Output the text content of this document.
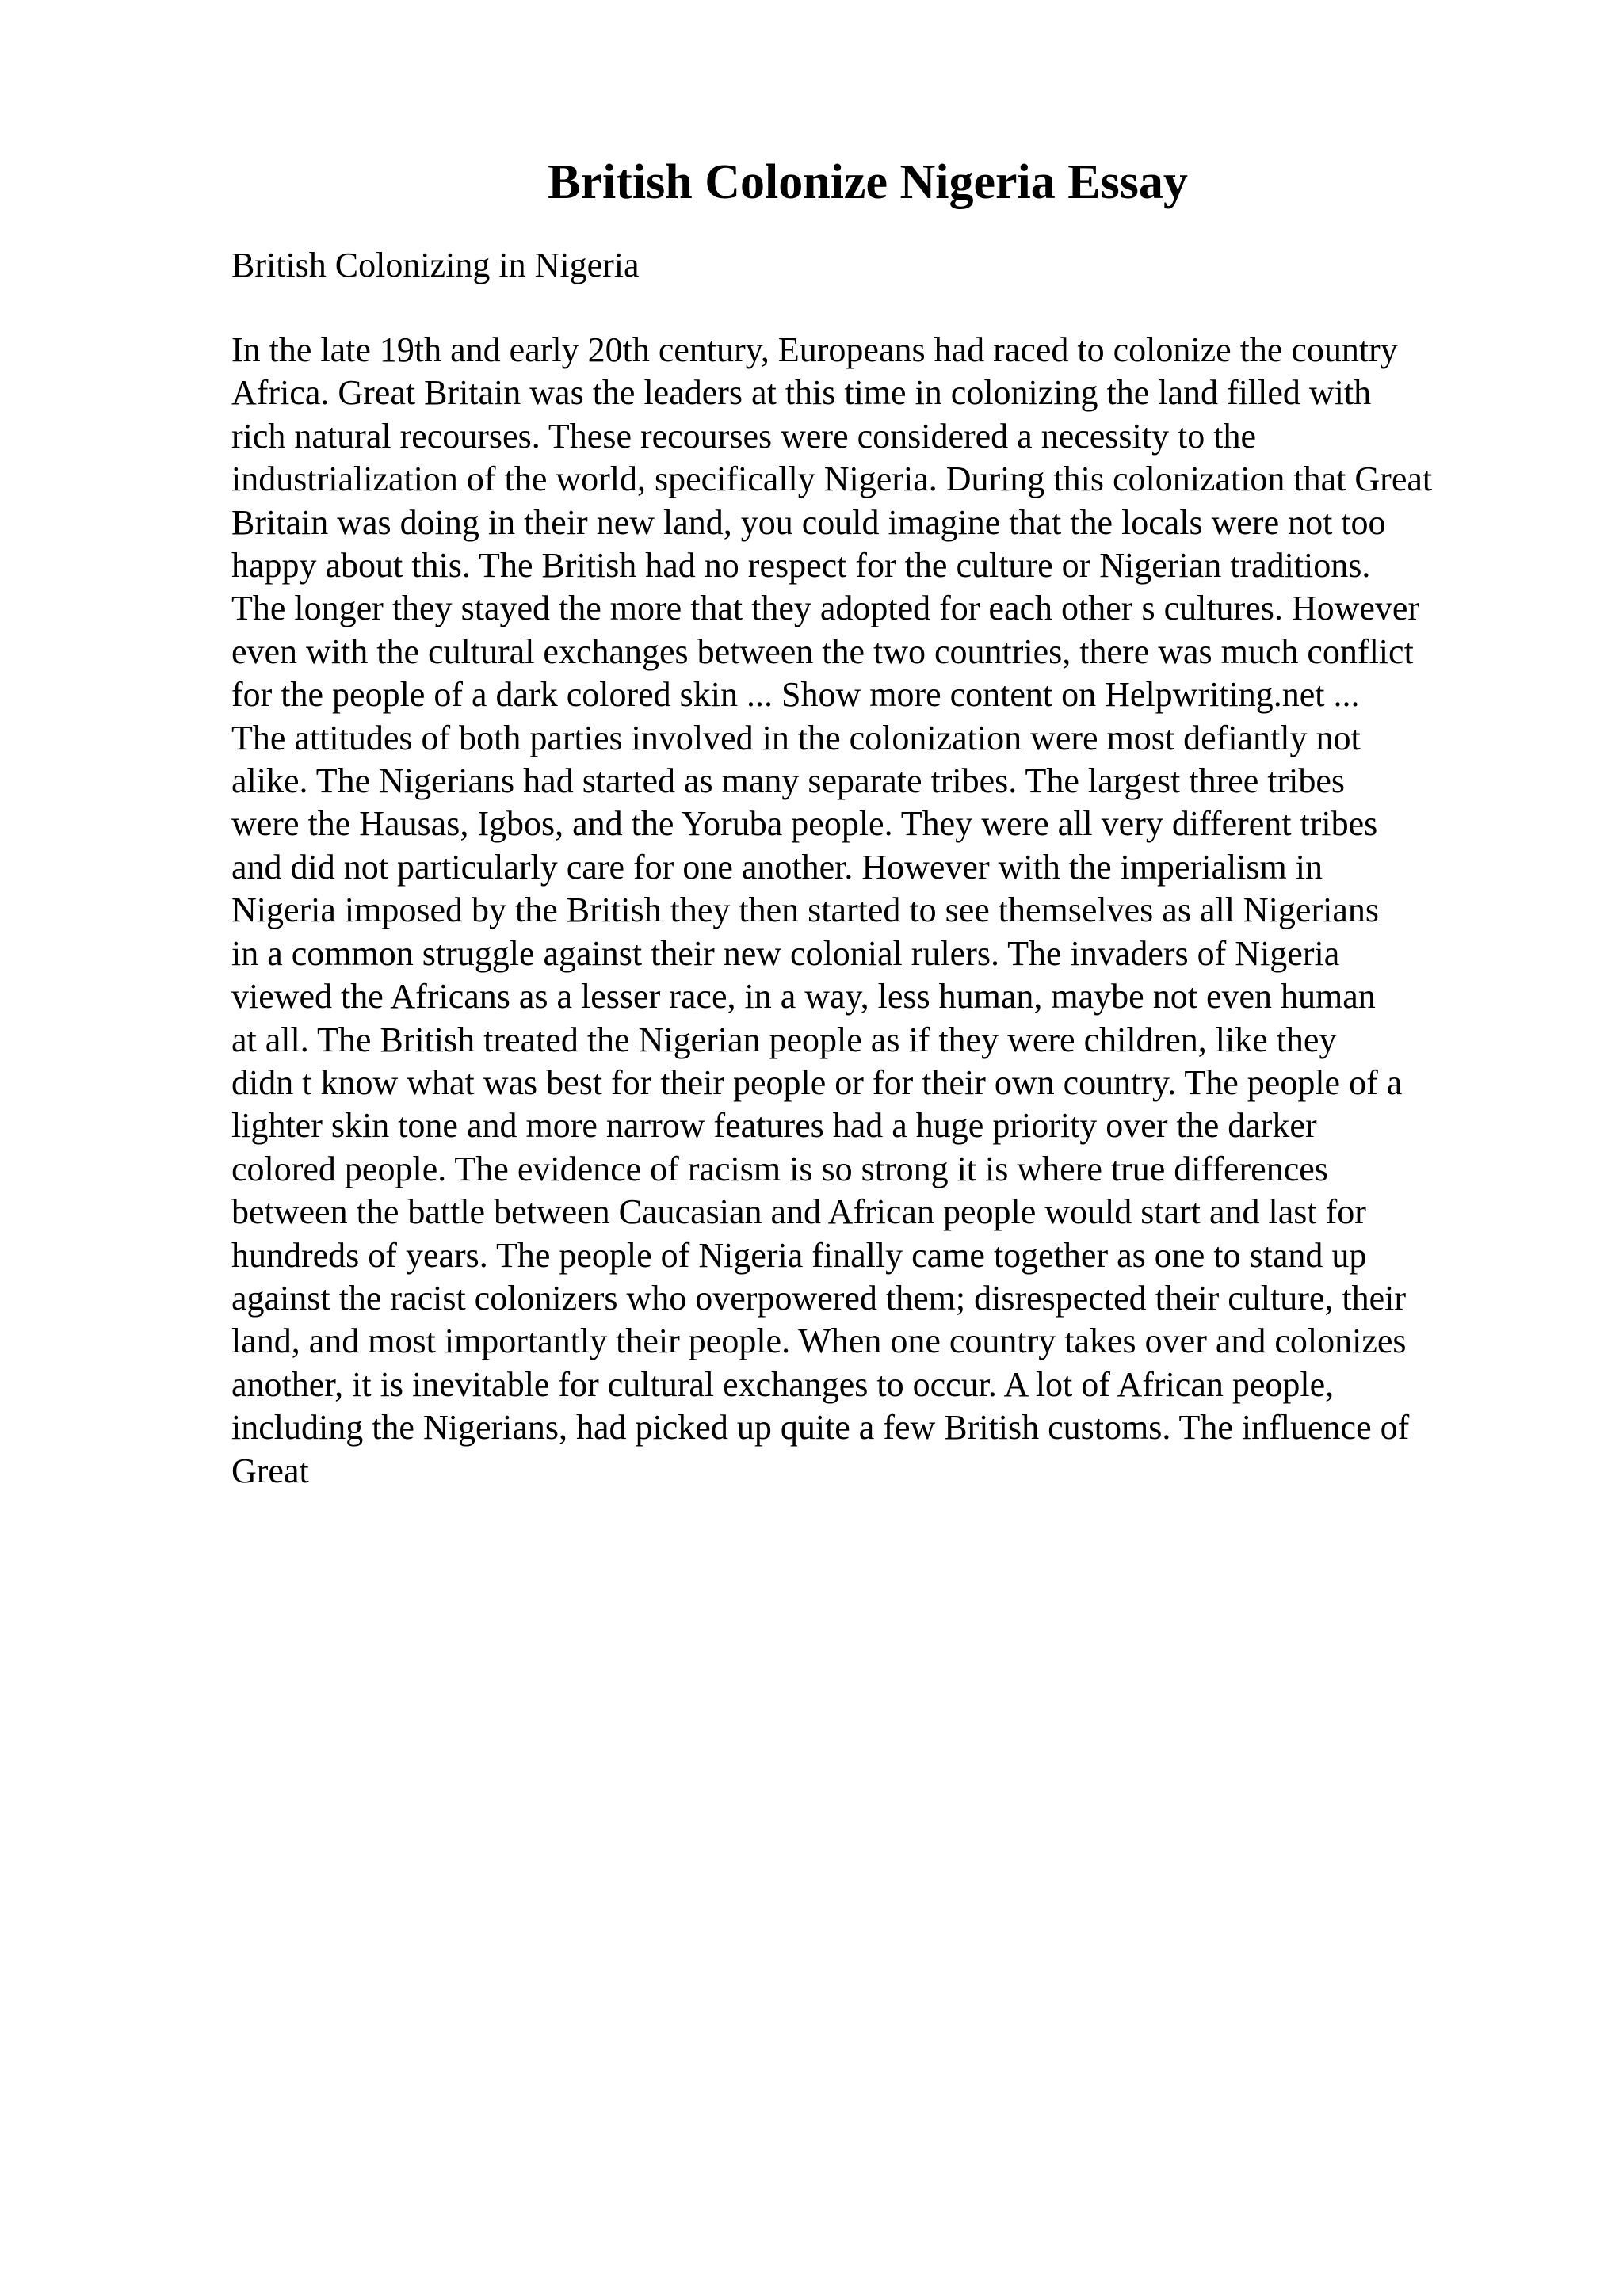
British Colonize Nigeria Essay

British Colonizing in Nigeria

In the late 19th and early 20th century, Europeans had raced to colonize the country
Africa. Great Britain was the leaders at this time in colonizing the land filled with
rich natural recourses. These recourses were considered a necessity to the
industrialization of the world, specifically Nigeria. During this colonization that Great
Britain was doing in their new land, you could imagine that the locals were not too
happy about this. The British had no respect for the culture or Nigerian traditions.
The longer they stayed the more that they adopted for each other s cultures. However
even with the cultural exchanges between the two countries, there was much conflict
for the people of a dark colored skin ... Show more content on Helpwriting.net ...
The attitudes of both parties involved in the colonization were most defiantly not
alike. The Nigerians had started as many separate tribes. The largest three tribes
were the Hausas, Igbos, and the Yoruba people. They were all very different tribes
and did not particularly care for one another. However with the imperialism in
Nigeria imposed by the British they then started to see themselves as all Nigerians
in a common struggle against their new colonial rulers. The invaders of Nigeria
viewed the Africans as a lesser race, in a way, less human, maybe not even human
at all. The British treated the Nigerian people as if they were children, like they
didn t know what was best for their people or for their own country. The people of a
lighter skin tone and more narrow features had a huge priority over the darker
colored people. The evidence of racism is so strong it is where true differences
between the battle between Caucasian and African people would start and last for
hundreds of years. The people of Nigeria finally came together as one to stand up
against the racist colonizers who overpowered them; disrespected their culture, their
land, and most importantly their people. When one country takes over and colonizes
another, it is inevitable for cultural exchanges to occur. A lot of African people,
including the Nigerians, had picked up quite a few British customs. The influence of
Great
